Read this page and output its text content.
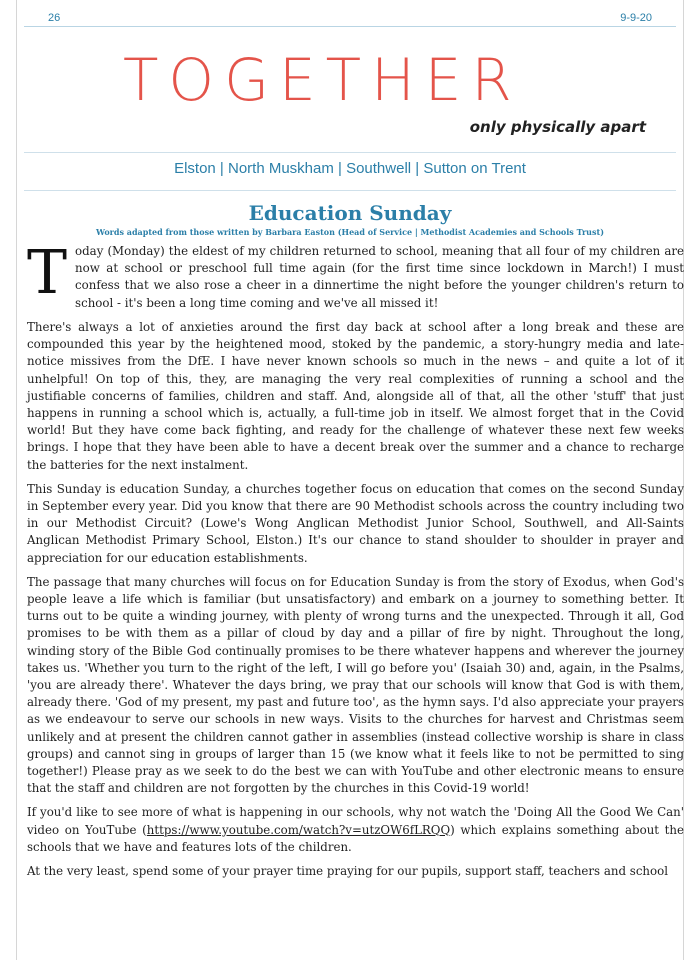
26	9-9-20
TOGETHER
only physically apart
Elston | North Muskham | Southwell | Sutton on Trent
Education Sunday
Words adapted from those written by Barbara Easton (Head of Service | Methodist Academies and Schools Trust)

Today (Monday) the eldest of my children returned to school, meaning that all four of my children are now at school or preschool full time again (for the first time since lockdown in March!) I must confess that we also rose a cheer in a dinnertime the night before the younger children's return to school - it's been a long time coming and we've all missed it!

There's always a lot of anxieties around the first day back at school after a long break and these are compounded this year by the heightened mood, stoked by the pandemic, a story-hungry media and late-notice missives from the DfE. I have never known schools so much in the news – and quite a lot of it unhelpful! On top of this, they, are managing the very real complexities of running a school and the justifiable concerns of families, children and staff. And, alongside all of that, all the other 'stuff' that just happens in running a school which is, actually, a full-time job in itself. We almost forget that in the Covid world! But they have come back fighting, and ready for the challenge of whatever these next few weeks brings. I hope that they have been able to have a decent break over the summer and a chance to recharge the batteries for the next instalment.

This Sunday is education Sunday, a churches together focus on education that comes on the second Sunday in September every year. Did you know that there are 90 Methodist schools across the country including two in our Methodist Circuit? (Lowe's Wong Anglican Methodist Junior School, Southwell, and All-Saints Anglican Methodist Primary School, Elston.) It's our chance to stand shoulder to shoulder in prayer and appreciation for our education establishments.

The passage that many churches will focus on for Education Sunday is from the story of Exodus, when God's people leave a life which is familiar (but unsatisfactory) and embark on a journey to something better. It turns out to be quite a winding journey, with plenty of wrong turns and the unexpected. Through it all, God promises to be with them as a pillar of cloud by day and a pillar of fire by night. Throughout the long, winding story of the Bible God continually promises to be there whatever happens and wherever the journey takes us. 'Whether you turn to the right of the left, I will go before you' (Isaiah 30) and, again, in the Psalms, 'you are already there'. Whatever the days bring, we pray that our schools will know that God is with them, already there. 'God of my present, my past and future too', as the hymn says. I'd also appreciate your prayers as we endeavour to serve our schools in new ways. Visits to the churches for harvest and Christmas seem unlikely and at present the children cannot gather in assemblies (instead collective worship is share in class groups) and cannot sing in groups of larger than 15 (we know what it feels like to not be permitted to sing together!) Please pray as we seek to do the best we can with YouTube and other electronic means to ensure that the staff and children are not forgotten by the churches in this Covid-19 world!

If you'd like to see more of what is happening in our schools, why not watch the 'Doing All the Good We Can' video on YouTube (https://www.youtube.com/watch?v=utzOW6fLRQQ) which explains something about the schools that we have and features lots of the children.

At the very least, spend some of your prayer time praying for our pupils, support staff, teachers and school
